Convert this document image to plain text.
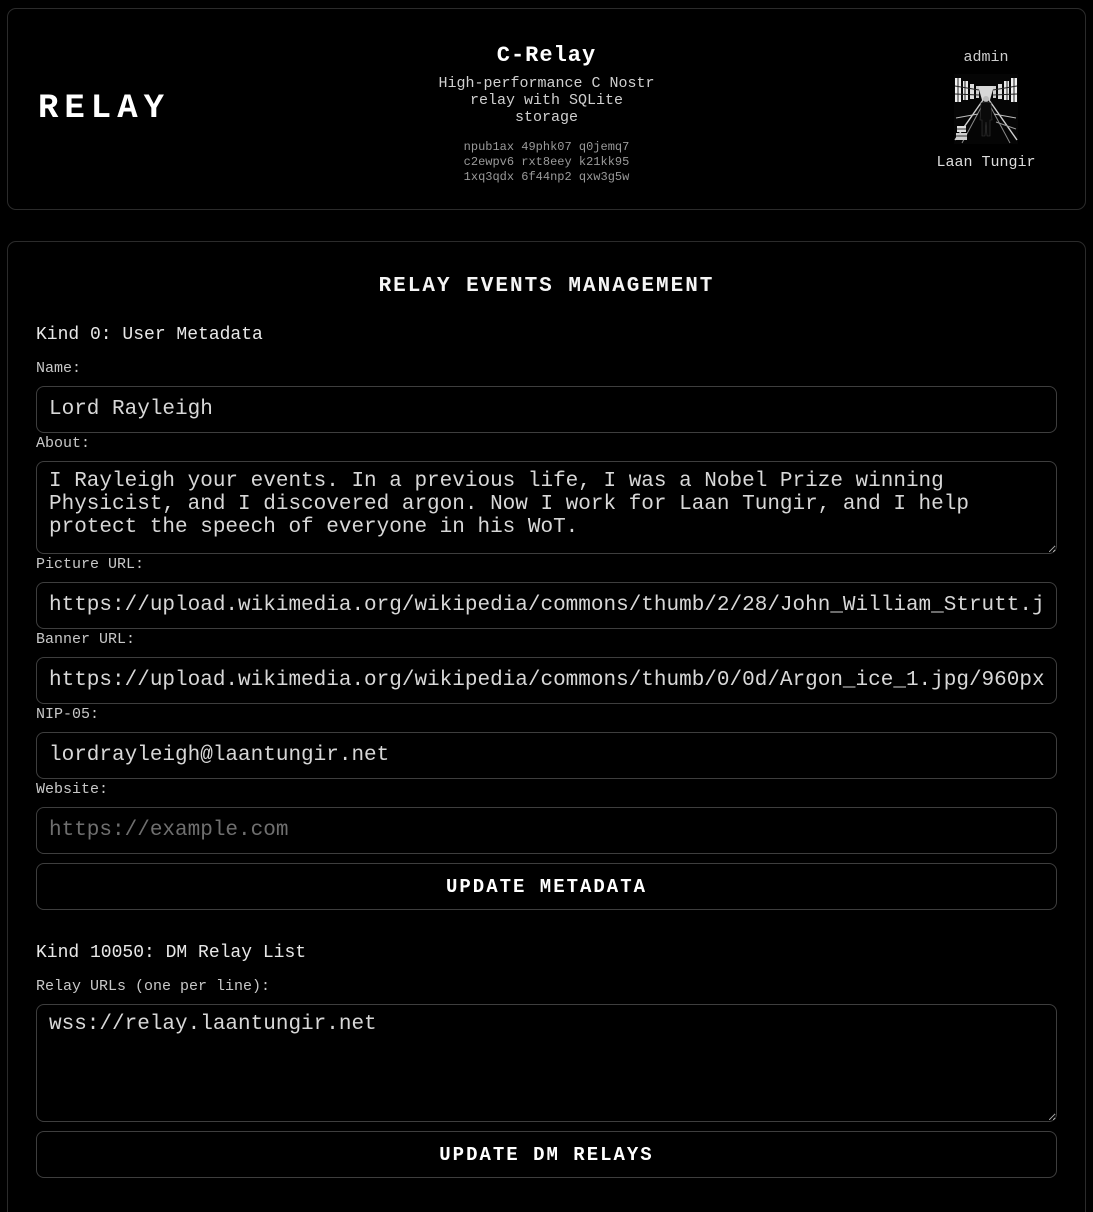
RELAY
C-Relay
High-performance C Nostr relay with SQLite storage
npub1ax 49phk07 q0jemq7
c2ewpv6 rxt8eey k21kk95
1xq3qdx 6f44np2 qxw3g5w
admin
Laan Tungir
RELAY EVENTS MANAGEMENT
Kind 0: User Metadata
Name:
Lord Rayleigh
About:
I Rayleigh your events. In a previous life, I was a Nobel Prize winning Physicist, and I discovered argon. Now I work for Laan Tungir, and I help protect the speech of everyone in his WoT.
Picture URL:
https://upload.wikimedia.org/wikipedia/commons/thumb/2/28/John_William_Strutt.jpg
Banner URL:
https://upload.wikimedia.org/wikipedia/commons/thumb/0/0d/Argon_ice_1.jpg/960px-
NIP-05:
lordrayleigh@laantungir.net
Website:
https://example.com
UPDATE METADATA
Kind 10050: DM Relay List
Relay URLs (one per line):
wss://relay.laantungir.net
UPDATE DM RELAYS
